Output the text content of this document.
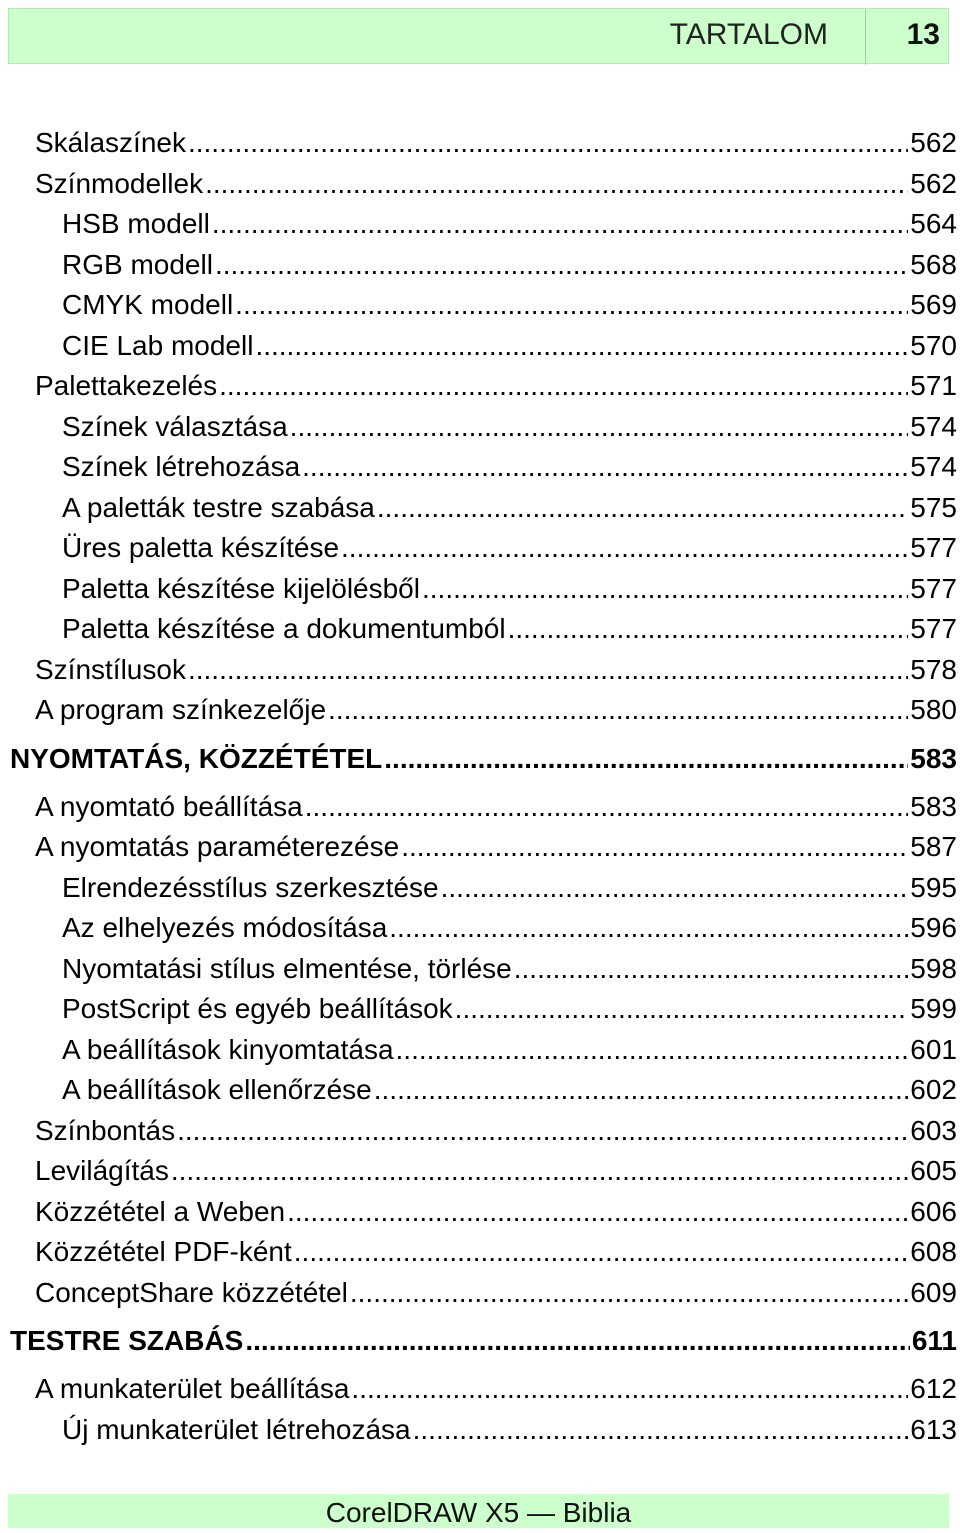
TARTALOM	13
Skálaszínek .....	562
Színmodellek .....	562
HSB modell .....	564
RGB modell .....	568
CMYK modell .....	569
CIE Lab modell .....	570
Palettakezelés .....	571
Színek választása .....	574
Színek létrehozása .....	574
A paletták testre szabása .....	575
Üres paletta készítése .....	577
Paletta készítése kijelölésből .....	577
Paletta készítése a dokumentumból .....	577
Színstílusok .....	578
A program színkezelője .....	580
NYOMTATÁS, KÖZZÉTÉTEL .....	583
A nyomtató beállítása .....	583
A nyomtatás paraméterezése .....	587
Elrendezésstílus szerkesztése .....	595
Az elhelyezés módosítása .....	596
Nyomtatási stílus elmentése, törlése .....	598
PostScript és egyéb beállítások .....	599
A beállítások kinyomtatása .....	601
A beállítások ellenőrzése .....	602
Színbontás .....	603
Levilágítás .....	605
Közzététel a Weben .....	606
Közzététel PDF-ként .....	608
ConceptShare közzététel .....	609
TESTRE SZABÁS .....	611
A munkaterület beállítása .....	612
Új munkaterület létrehozása .....	613
CorelDRAW X5 — Biblia
